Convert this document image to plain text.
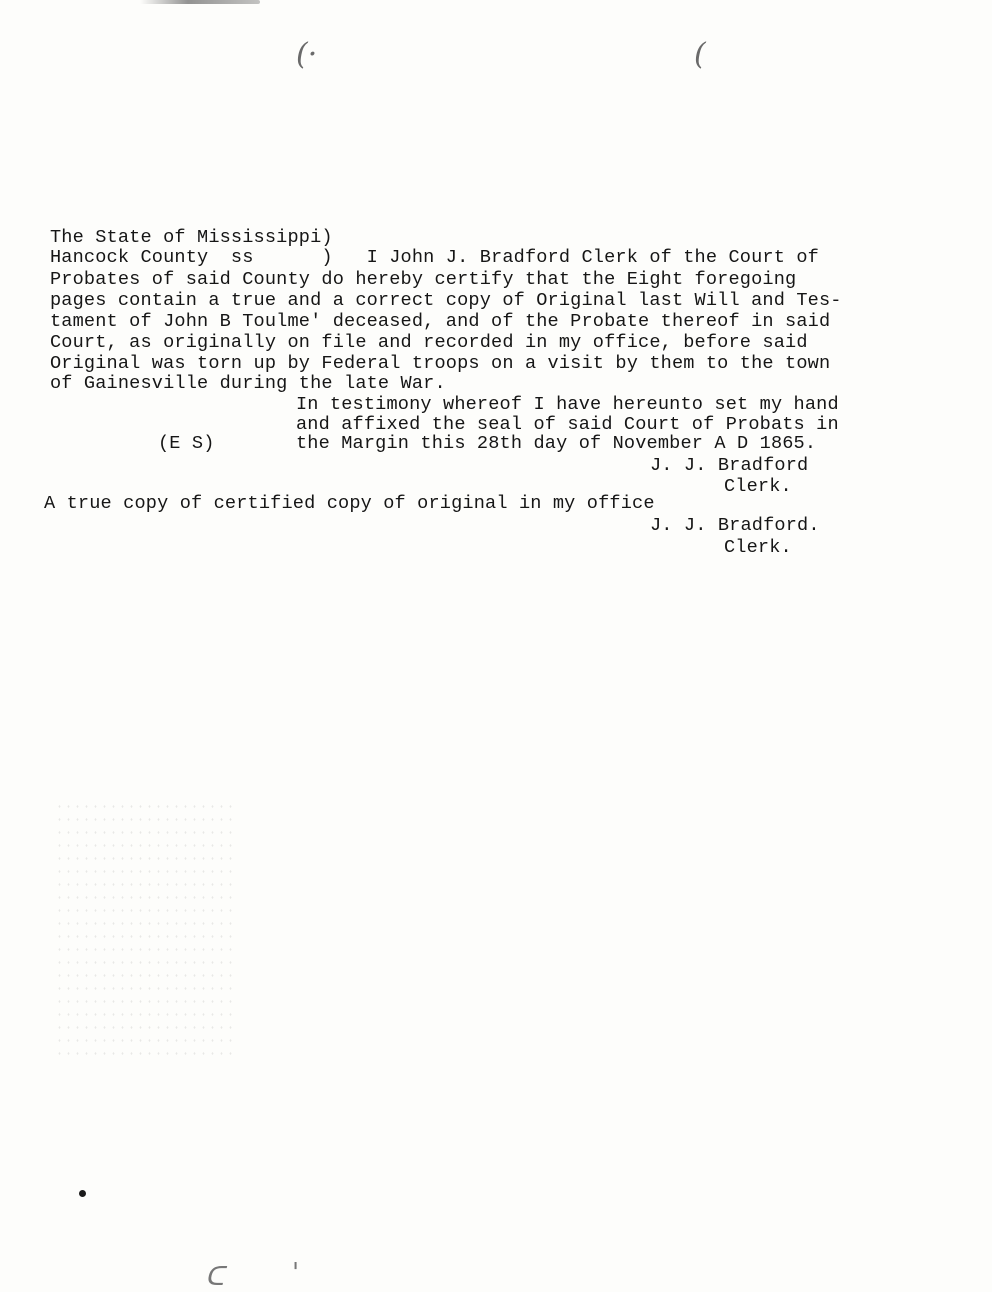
(·	(
The State of Mississippi)
Hancock County  ss      )   I John J. Bradford Clerk of the Court of
Probates of said County do hereby certify that the Eight foregoing
pages contain a true and a correct copy of Original last Will and Tes-
tament of John B Toulme' deceased, and of the Probate thereof in said
Court, as originally on file and recorded in my office, before said
Original was torn up by Federal troops on a visit by them to the town
of Gainesville during the late War.
In testimony whereof I have hereunto set my hand
and affixed the seal of said Court of Probats in
the Margin this 28th day of November A D 1865.
(E S)
J. J. Bradford
Clerk.
A true copy of certified copy of original in my office
J. J. Bradford.
Clerk.
ᑕ	'
